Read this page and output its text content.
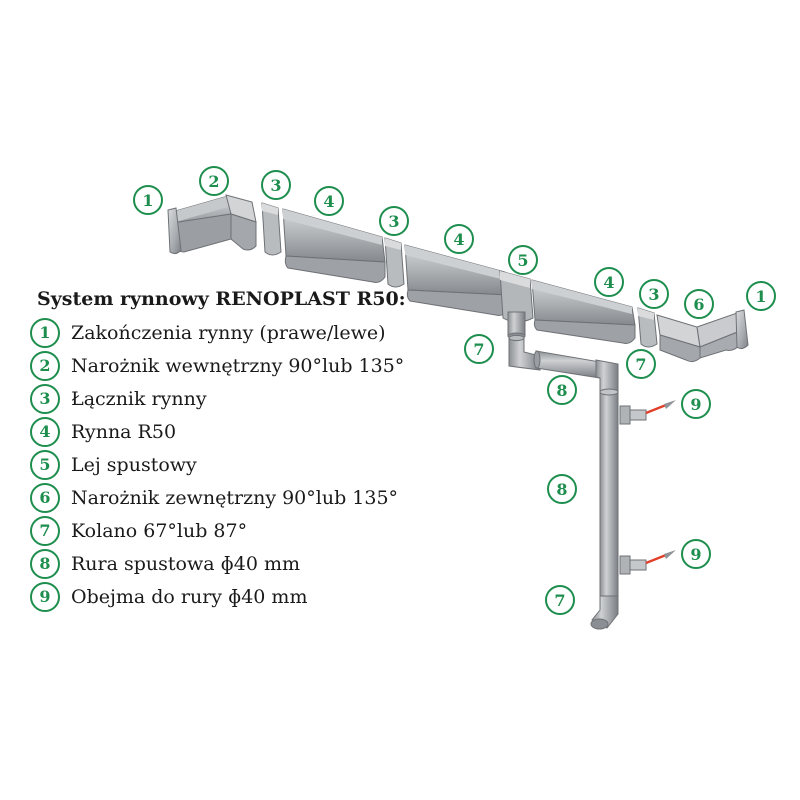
1
2	3
4
3
4
5
4
3
6	1
7
7
8
9
8
9
7
System rynnowy RENOPLAST R50:
1	Zakończenia rynny (prawe/lewe)
2	Narożnik wewnętrzny 90°lub 135°
3	Łącznik rynny
4	Rynna R50
5	Lej spustowy
6	Narożnik zewnętrzny 90°lub 135°
7	Kolano 67°lub 87°
8	Rura spustowa ɸ40 mm
9	Obejma do rury ɸ40 mm
